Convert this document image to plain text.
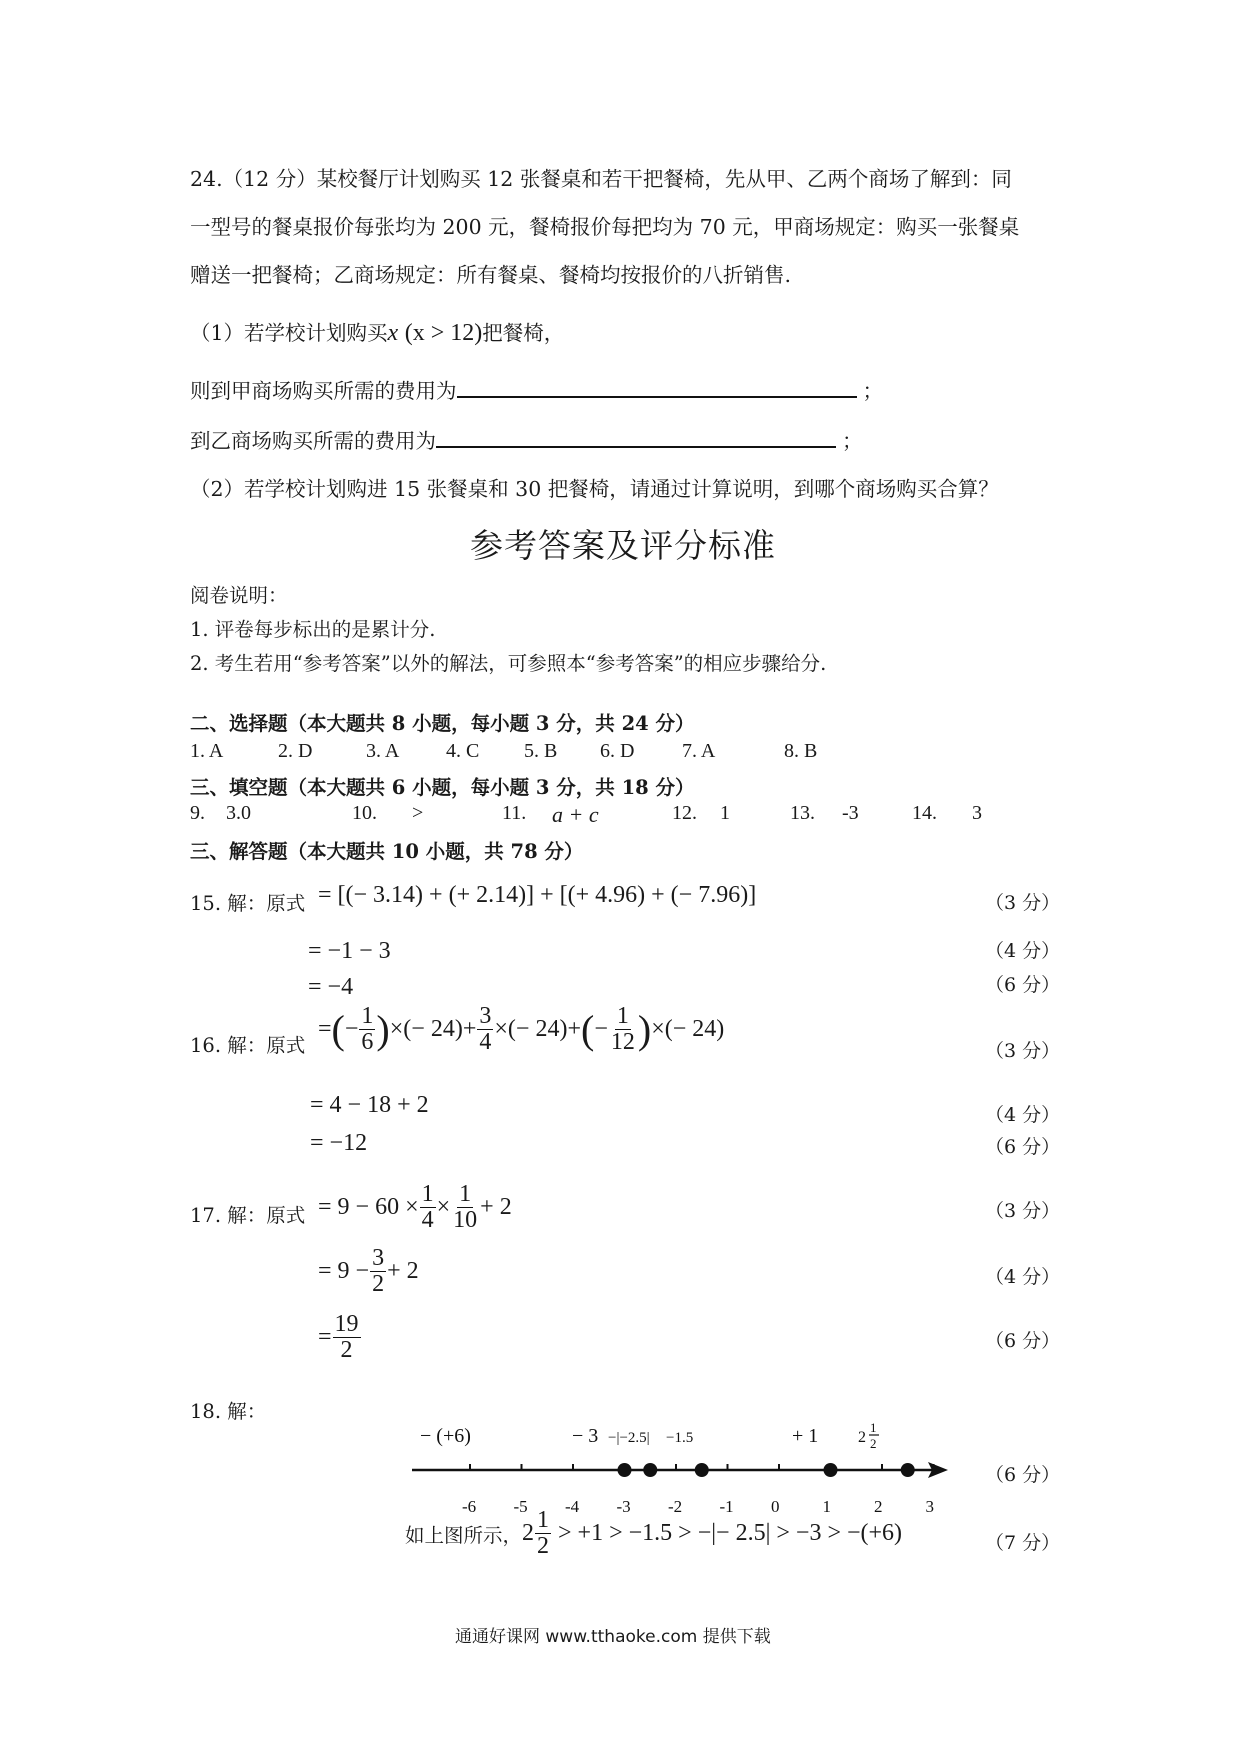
24.（12 分）某校餐厅计划购买 12 张餐桌和若干把餐椅，先从甲、乙两个商场了解到：同
一型号的餐桌报价每张均为 200 元，餐椅报价每把均为 70 元，甲商场规定：购买一张餐桌
赠送一把餐椅；乙商场规定：所有餐桌、餐椅均按报价的八折销售.
（1）若学校计划购买x (x > 12)把餐椅，
则到甲商场购买所需的费用为	；
到乙商场购买所需的费用为	；
（2）若学校计划购进 15 张餐桌和 30 把餐椅，请通过计算说明，到哪个商场购买合算？
参考答案及评分标准
阅卷说明：
1. 评卷每步标出的是累计分.
2. 考生若用“参考答案”以外的解法，可参照本“参考答案”的相应步骤给分.
二、选择题（本大题共 8 小题，每小题 3 分，共 24 分）
1. A	2. D	3. A 4. C 5. B 6. D 7. A	8. B
三、填空题（本大题共 6 小题，每小题 3 分，共 18 分）
9. 3.0	10. >	11. a + c	12. 1	13. -3	14. 3
三、解答题（本大题共 10 小题，共 78 分）
15. 解：原式 = [(− 3.14) + (+ 2.14)] + [(+ 4.96) + (− 7.96)]	（3 分）
= −1 − 3	（4 分）
= −4	（6 分）
16. 解：原式
= ( − $\frac{1}{6}$ ) × (− $24) + \frac{3}{4}$ × (− 24) + ( − $\frac{1}{12}$ ) × (− 24)
（3 分）
= 4 − 18 + 2	（4 分）
= −12	（6 分）
17. 解：原式 = $9 - 60 \times \frac{1}{4} \times \frac{1}{10} + 2$	（3 分）
= $9 - \frac{3}{2} + 2$	（4 分）
= $\frac{19}{2}$	（6 分）
18. 解：
− (+6)	− 3 −|−2.5| −1.5	+ 1 2
1
2
-6 -5 -4 -3 -2 -1 0	1	2	3
（6 分）
如上图所示， $2 \frac{1}{2} > +1 > -1.5$ > −|− 2.5| > −3 > −(+6)	（7 分）
通通好课网 www.tthaoke.com 提供下载
